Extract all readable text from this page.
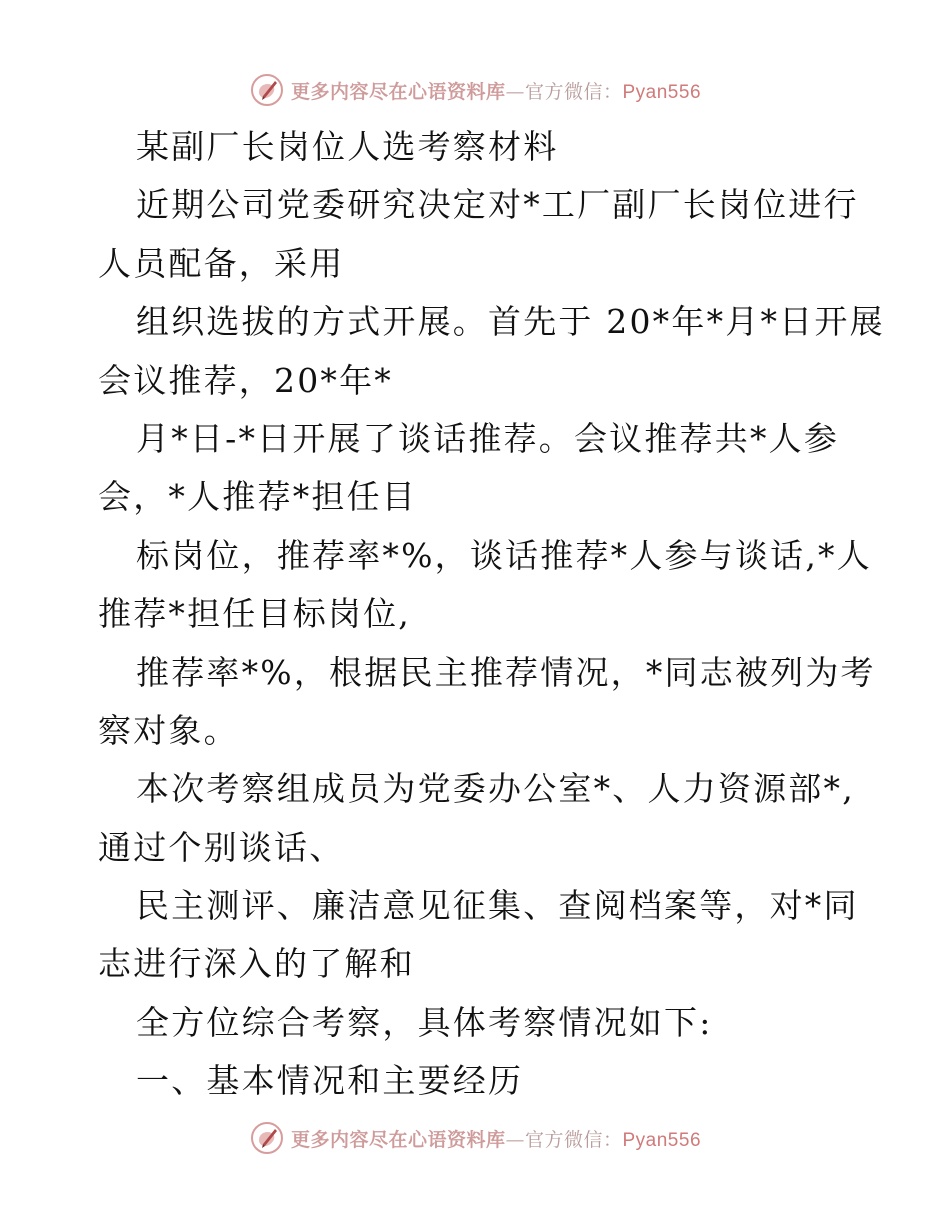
更多内容尽在心语资料库—官方微信：Pyan556
某副厂长岗位人选考察材料
近期公司党委研究决定对*工厂副厂长岗位进行
人员配备，采用
组织选拔的方式开展。首先于 20*年*月*日开展
会议推荐，20*年*
月*日-*日开展了谈话推荐。会议推荐共*人参
会，*人推荐*担任目
标岗位，推荐率*%，谈话推荐*人参与谈话,*人
推荐*担任目标岗位,
推荐率*%，根据民主推荐情况，*同志被列为考
察对象。
本次考察组成员为党委办公室*、人力资源部*,
通过个别谈话、
民主测评、廉洁意见征集、查阅档案等，对*同
志进行深入的了解和
全方位综合考察，具体考察情况如下:
一、基本情况和主要经历
更多内容尽在心语资料库—官方微信：Pyan556
